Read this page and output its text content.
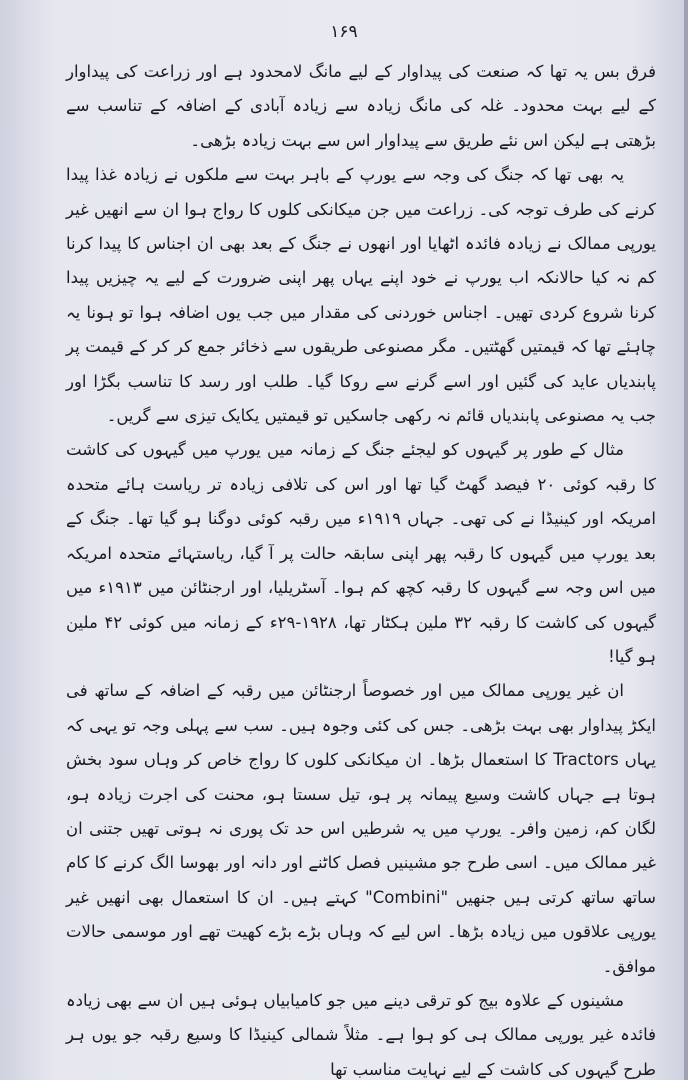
۱۶۹

فرق بس یہ تھا کہ صنعت کی پیداوار کے لیے مانگ لامحدود ہے اور زراعت کی پیداوار کے لیے بہت محدود۔ غلہ کی مانگ زیادہ سے زیادہ آبادی کے اضافہ کے تناسب سے بڑھتی ہے لیکن اس نئے طریق سے پیداوار اس سے بہت زیادہ بڑھی۔

یہ بھی تھا کہ جنگ کی وجہ سے یورپ کے باہر بہت سے ملکوں نے زیادہ غذا پیدا کرنے کی طرف توجہ کی۔ زراعت میں جن میکانکی کلوں کا رواج ہوا ان سے انھیں غیر یورپی ممالک نے زیادہ فائدہ اٹھایا اور انھوں نے جنگ کے بعد بھی ان اجناس کا پیدا کرنا کم نہ کیا حالانکہ اب یورپ نے خود اپنے یہاں پھر اپنی ضرورت کے لیے یہ چیزیں پیدا کرنا شروع کردی تھیں۔ اجناس خوردنی کی مقدار میں جب یوں اضافہ ہوا تو ہونا یہ چاہئے تھا کہ قیمتیں گھٹتیں۔ مگر مصنوعی طریقوں سے ذخائر جمع کر کر کے قیمت پر پابندیاں عاید کی گئیں اور اسے گرنے سے روکا گیا۔ طلب اور رسد کا تناسب بگڑا اور جب یہ مصنوعی پابندیاں قائم نہ رکھی جاسکیں تو قیمتیں یکایک تیزی سے گریں۔

مثال کے طور پر گیہوں کو لیجئے جنگ کے زمانہ میں یورپ میں گیہوں کی کاشت کا رقبہ کوئی ۲۰ فیصد گھٹ گیا تھا اور اس کی تلافی زیادہ تر ریاست ہائے متحدہ امریکہ اور کینیڈا نے کی تھی۔ جہاں ۱۹۱۹ء میں رقبہ کوئی دوگنا ہو گیا تھا۔ جنگ کے بعد یورپ میں گیہوں کا رقبہ پھر اپنی سابقہ حالت پر آ گیا، ریاستہائے متحدہ امریکہ میں اس وجہ سے گیہوں کا رقبہ کچھ کم ہوا۔ آسٹریلیا، اور ارجنٹائن میں ۱۹۱۳ء میں گیہوں کی کاشت کا رقبہ ۳۲ ملین ہکٹار تھا، ۱۹۲۸-۲۹ء کے زمانہ میں کوئی ۴۲ ملین ہو گیا!

ان غیر یورپی ممالک میں اور خصوصاً ارجنٹائن میں رقبہ کے اضافہ کے ساتھ فی ایکڑ پیداوار بھی بہت بڑھی۔ جس کی کئی وجوہ ہیں۔ سب سے پہلی وجہ تو یہی کہ یہاں Tractors کا استعمال بڑھا۔ ان میکانکی کلوں کا رواج خاص کر وہاں سود بخش ہوتا ہے جہاں کاشت وسیع پیمانہ پر ہو، تیل سستا ہو، محنت کی اجرت زیادہ ہو، لگان کم، زمین وافر۔ یورپ میں یہ شرطیں اس حد تک پوری نہ ہوتی تھیں جتنی ان غیر ممالک میں۔ اسی طرح جو مشینیں فصل کاٹنے اور دانہ اور بھوسا الگ کرنے کا کام ساتھ ساتھ کرتی ہیں جنھیں "Combini" کہتے ہیں۔ ان کا استعمال بھی انھیں غیر یورپی علاقوں میں زیادہ بڑھا۔ اس لیے کہ وہاں بڑے بڑے کھیت تھے اور موسمی حالات موافق۔

مشینوں کے علاوہ بیج کو ترقی دینے میں جو کامیابیاں ہوئی ہیں ان سے بھی زیادہ فائدہ غیر یورپی ممالک ہی کو ہوا ہے۔ مثلاً شمالی کینیڈا کا وسیع رقبہ جو یوں ہر طرح گیہوں کی کاشت کے لیے نہایت مناسب تھا
